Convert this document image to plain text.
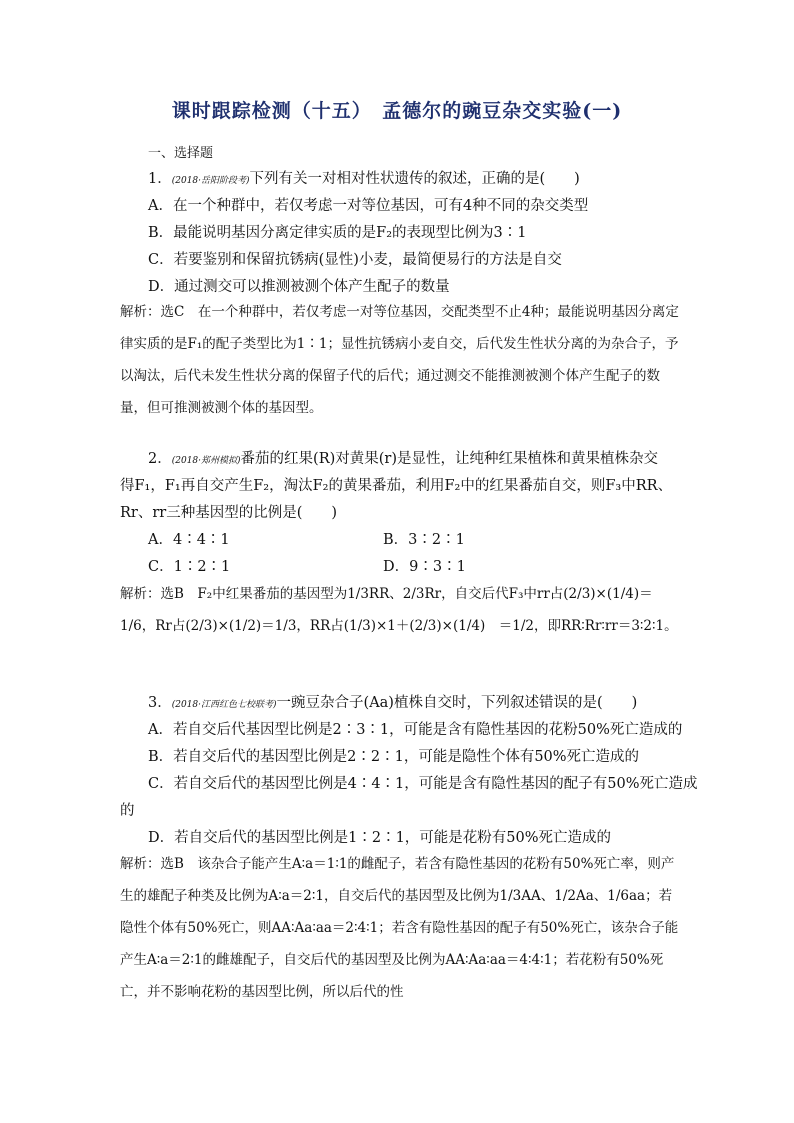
课时跟踪检测（十五）　孟德尔的豌豆杂交实验(一)
一、选择题
1．(2018·岳阳阶段考)下列有关一对相对性状遗传的叙述，正确的是(　　)
A．在一个种群中，若仅考虑一对等位基因，可有4种不同的杂交类型
B．最能说明基因分离定律实质的是F₂的表现型比例为3∶1
C．若要鉴别和保留抗锈病(显性)小麦，最简便易行的方法是自交
D．通过测交可以推测被测个体产生配子的数量
解析：选C　在一个种群中，若仅考虑一对等位基因，交配类型不止4种；最能说明基因分离定律实质的是F₁的配子类型比为1∶1；显性抗锈病小麦自交，后代发生性状分离的为杂合子，予以淘汰，后代未发生性状分离的保留子代的后代；通过测交不能推测被测个体产生配子的数量，但可推测被测个体的基因型。
2．(2018·郑州模拟)番茄的红果(R)对黄果(r)是显性，让纯种红果植株和黄果植株杂交
得F₁，F₁再自交产生F₂，淘汰F₂的黄果番茄，利用F₂中的红果番茄自交，则F₃中RR、
Rr、rr三种基因型的比例是(　　)
A．4∶4∶1	B．3∶2∶1
C．1∶2∶1	D．9∶3∶1
解析：选B　F₂中红果番茄的基因型为1/3RR、2/3Rr，自交后代F₃中rr占(2/3)×(1/4)＝1/6，Rr占(2/3)×(1/2)＝1/3，RR占(1/3)×1＋(2/3)×(1/4)　＝1/2，即RR∶Rr∶rr＝3∶2∶1。
3．(2018·江西红色七校联考)一豌豆杂合子(Aa)植株自交时，下列叙述错误的是(　　)
A．若自交后代基因型比例是2∶3∶1，可能是含有隐性基因的花粉50%死亡造成的
B．若自交后代的基因型比例是2∶2∶1，可能是隐性个体有50%死亡造成的
C．若自交后代的基因型比例是4∶4∶1，可能是含有隐性基因的配子有50%死亡造成
的
D．若自交后代的基因型比例是1∶2∶1，可能是花粉有50%死亡造成的
解析：选B　该杂合子能产生A∶a＝1∶1的雌配子，若含有隐性基因的花粉有50%死亡率，则产生的雄配子种类及比例为A∶a＝2∶1，自交后代的基因型及比例为1/3AA、1/2Aa、1/6aa；若隐性个体有50%死亡，则AA∶Aa∶aa＝2∶4∶1；若含有隐性基因的配子有50%死亡，该杂合子能产生A∶a＝2∶1的雌雄配子，自交后代的基因型及比例为AA∶Aa∶aa＝4∶4∶1；若花粉有50%死亡，并不影响花粉的基因型比例，所以后代的性
